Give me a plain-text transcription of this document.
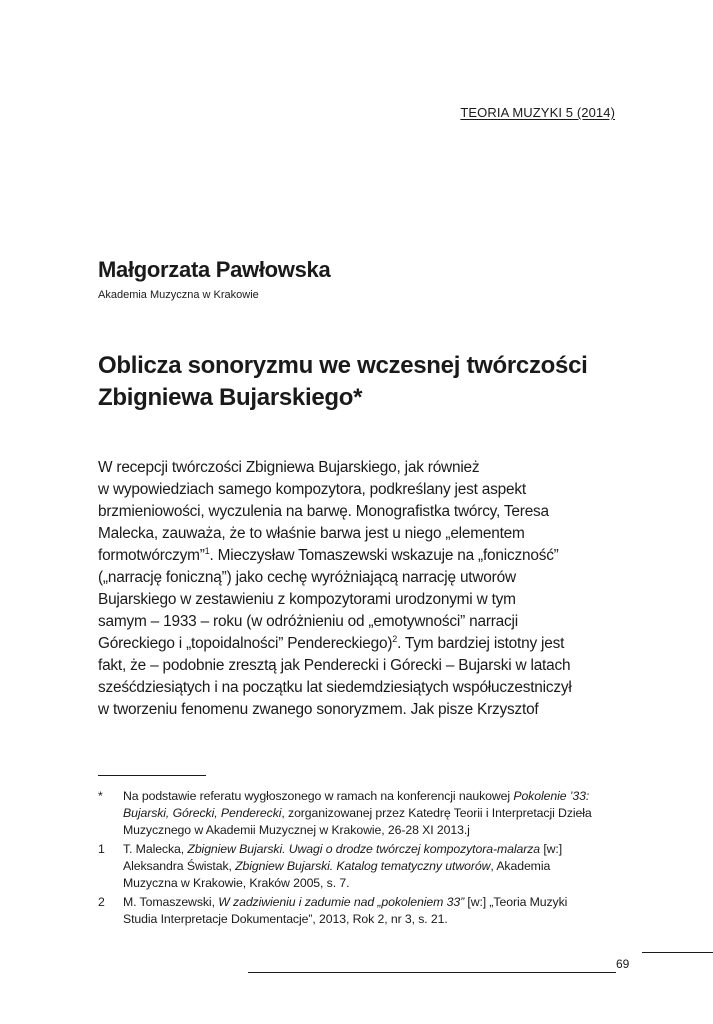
TEORIA MUZYKI 5 (2014)
Małgorzata Pawłowska
Akademia Muzyczna w Krakowie
Oblicza sonoryzmu we wczesnej twórczości
Zbigniewa Bujarskiego*
W recepcji twórczości Zbigniewa Bujarskiego, jak również
w wypowiedziach samego kompozytora, podkreślany jest aspekt
brzmieniowości, wyczulenia na barwę. Monografistka twórcy, Teresa
Malecka, zauważa, że to właśnie barwa jest u niego „elementem
formotwórczym”$^1$. Mieczysław Tomaszewski wskazuje na „foniczność”
(„narrację foniczną”) jako cechę wyróżniającą narrację utworów
Bujarskiego w zestawieniu z kompozytorami urodzonymi w tym
samym – 1933 – roku (w odróżnieniu od „emotywności” narracji
Góreckiego i „topoidalności” Pendereckiego)$^2$. Tym bardziej istotny jest
fakt, że – podobnie zresztą jak Penderecki i Górecki – Bujarski w latach
sześćdziesiątych i na początku lat siedemdziesiątych współuczestniczył
w tworzeniu fenomenu zwanego sonoryzmem. Jak pisze Krzysztof
* Na podstawie referatu wygłoszonego w ramach na konferencji naukowej Pokolenie ’33:
Bujarski, Górecki, Penderecki, zorganizowanej przez Katedrę Teorii i Interpretacji Dzieła
Muzycznego w Akademii Muzycznej w Krakowie, 26-28 XI 2013.j
1 T. Malecka, Zbigniew Bujarski. Uwagi o drodze twórczej kompozytora-malarza [w:]
Aleksandra Świstak, Zbigniew Bujarski. Katalog tematyczny utworów, Akademia
Muzyczna w Krakowie, Kraków 2005, s. 7.
2 M. Tomaszewski, W zadziwieniu i zadumie nad „pokoleniem 33” [w:] „Teoria Muzyki
Studia Interpretacje Dokumentacje”, 2013, Rok 2, nr 3, s. 21.
69
